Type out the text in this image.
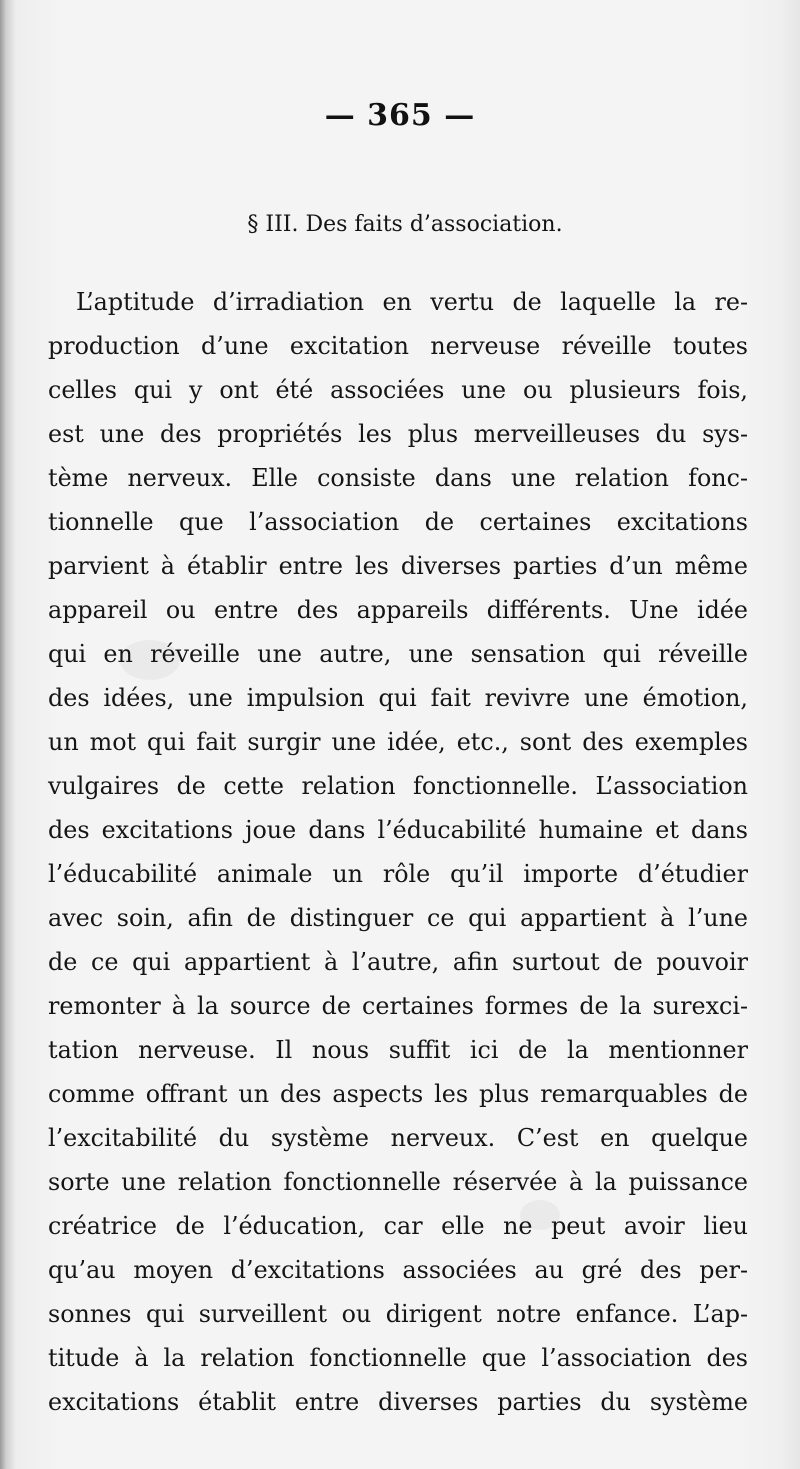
— 365 —
§ III. Des faits d’association.
L’aptitude d’irradiation en vertu de laquelle la re-
production d’une excitation nerveuse réveille toutes
celles qui y ont été associées une ou plusieurs fois,
est une des propriétés les plus merveilleuses du sys-
tème nerveux. Elle consiste dans une relation fonc-
tionnelle que l’association de certaines excitations
parvient à établir entre les diverses parties d’un même
appareil ou entre des appareils différents. Une idée
qui en réveille une autre, une sensation qui réveille
des idées, une impulsion qui fait revivre une émotion,
un mot qui fait surgir une idée, etc., sont des exemples
vulgaires de cette relation fonctionnelle. L’association
des excitations joue dans l’éducabilité humaine et dans
l’éducabilité animale un rôle qu’il importe d’étudier
avec soin, afin de distinguer ce qui appartient à l’une
de ce qui appartient à l’autre, afin surtout de pouvoir
remonter à la source de certaines formes de la surexci-
tation nerveuse. Il nous suffit ici de la mentionner
comme offrant un des aspects les plus remarquables de
l’excitabilité du système nerveux. C’est en quelque
sorte une relation fonctionnelle réservée à la puissance
créatrice de l’éducation, car elle ne peut avoir lieu
qu’au moyen d’excitations associées au gré des per-
sonnes qui surveillent ou dirigent notre enfance. L’ap-
titude à la relation fonctionnelle que l’association des
excitations établit entre diverses parties du système
